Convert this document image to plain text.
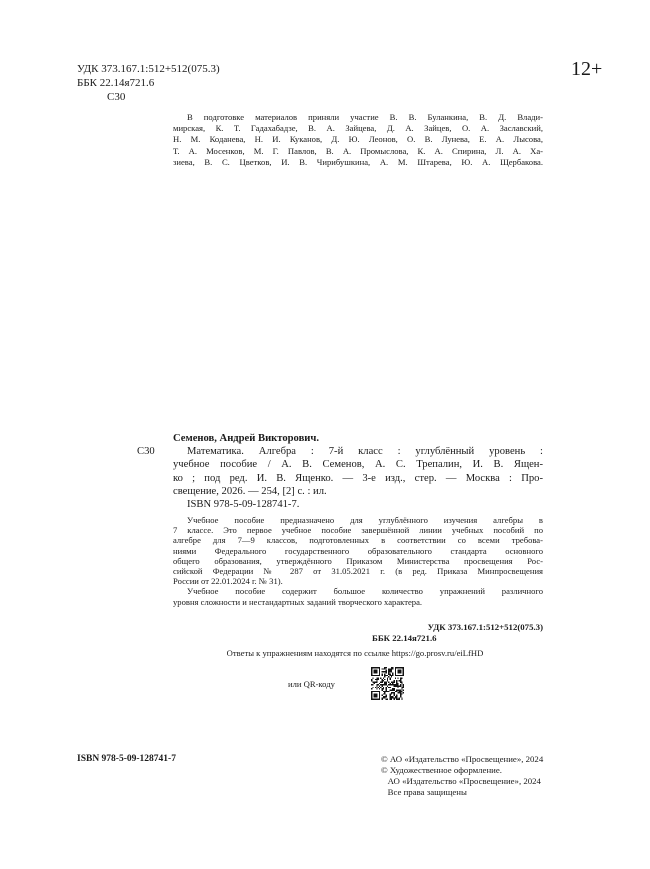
УДК 373.167.1:512+512(075.3)
ББК 22.14я721.6
С30
12+
В подготовке материалов приняли участие В. В. Буланкина, В. Д. Влади-
мирская, К. Т. Гадахабадзе, В. А. Зайцева, Д. А. Зайцев, О. А. Заславский,
Н. М. Коданева, Н. И. Куканов, Д. Ю. Леонов, О. В. Лунева, Е. А. Лысова,
Т. А. Мосенков, М. Г. Павлов, В. А. Промыслова, К. А. Спирина, Л. А. Ха-
зиева, В. С. Цветков, И. В. Чирибушкина, А. М. Штарева, Ю. А. Щербакова.
С30
Семенов, Андрей Викторович.
Математика. Алгебра : 7-й класс : углублённый уровень :
учебное пособие / А. В. Семенов, А. С. Трепалин, И. В. Ящен-
ко ; под ред. И. В. Ященко. — 3-е изд., стер. — Москва : Про-
свещение, 2026. — 254, [2] с. : ил.
ISBN 978-5-09-128741-7.
Учебное пособие предназначено для углублённого изучения алгебры в
7 классе. Это первое учебное пособие завершённой линии учебных пособий по
алгебре для 7—9 классов, подготовленных в соответствии со всеми требова-
ниями Федерального государственного образовательного стандарта основного
общего образования, утверждённого Приказом Министерства просвещения Рос-
сийской Федерации № 287 от 31.05.2021 г. (в ред. Приказа Минпросвещения
России от 22.01.2024 г. № 31).
Учебное пособие содержит большое количество упражнений различного
уровня сложности и нестандартных заданий творческого характера.
УДК 373.167.1:512+512(075.3)
ББК 22.14я721.6
Ответы к упражнениям находятся по ссылке https://go.prosv.ru/eiLfHD
или QR-коду
ISBN 978-5-09-128741-7	© АО «Издательство «Просвещение», 2024
© Художественное оформление.
АО «Издательство «Просвещение», 2024
Все права защищены
